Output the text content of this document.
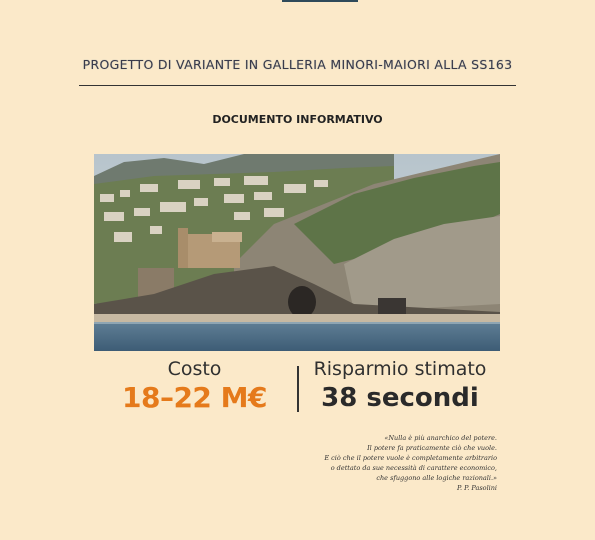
PROGETTO DI VARIANTE IN GALLERIA MINORI-MAIORI ALLA SS163
DOCUMENTO INFORMATIVO
Costo
18–22 M€
Risparmio stimato
38 secondi
«Nulla è più anarchico del potere.
Il potere fa praticamente ciò che vuole.
E ciò che il potere vuole è completamente arbitrario
o dettato da sue necessità di carattere economico,
che sfuggono alle logiche razionali.»
P. P. Pasolini
